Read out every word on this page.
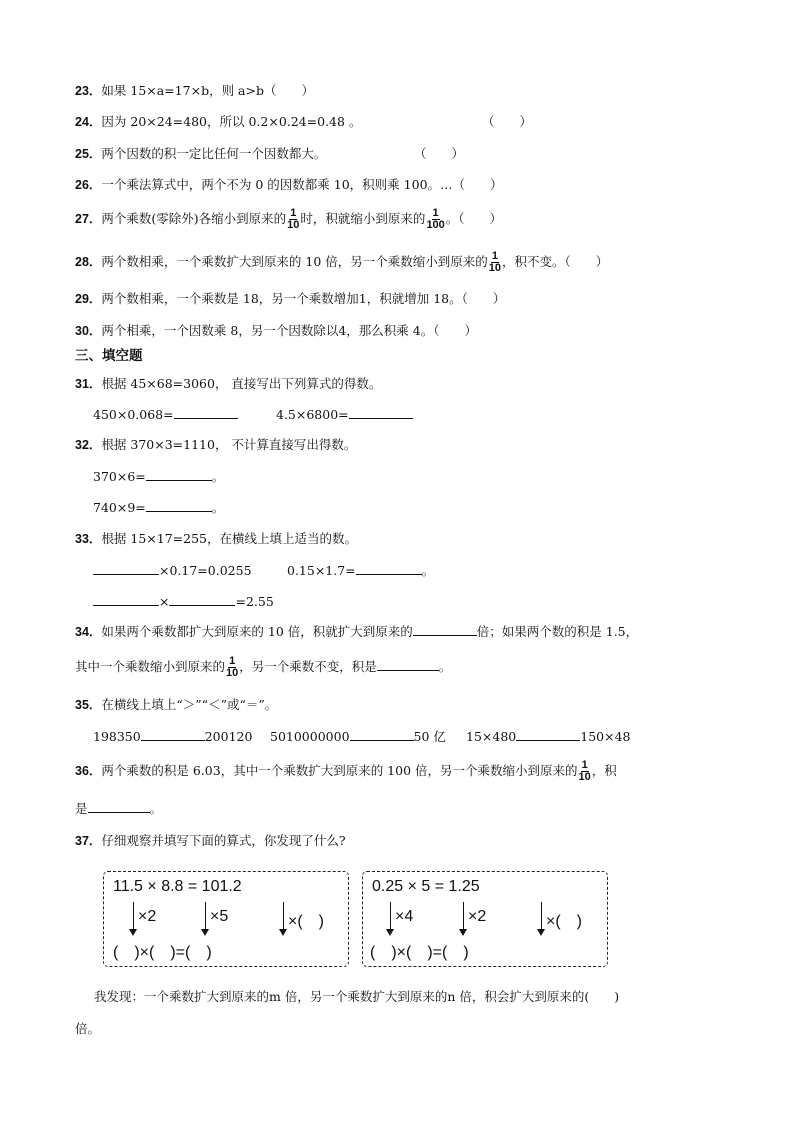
23．如果 15×a=17×b，则 a>b（　　）
24．因为 20×24=480，所以 0.2×0.24=0.48 。	（　　）
25．两个因数的积一定比任何一个因数都大。	（　　）
26．一个乘法算式中，两个不为 0 的因数都乘 10，积则乘 100。…（　　）
27．两个乘数(零除外)各缩小到原来的 $\frac{1}{10}$ 时，积就缩小到原来的 $\frac{1}{100}$ 。（　　）
28．两个数相乘，一个乘数扩大到原来的 10 倍，另一个乘数缩小到原来的 $\frac{1}{10}$ ，积不变。（　　）
29．两个数相乘，一个乘数是 18，另一个乘数增加1，积就增加 18。（　　）
30．两个相乘，一个因数乘 8，另一个因数除以4，那么积乘 4。（　　）
三、填空题
31．根据 45×68=3060， 直接写出下列算式的得数。
450×0.068=	4.5×6800=
32．根据 370×3=1110， 不计算直接写出得数。
370×6=	。
740×9=	。
33．根据 15×17=255，在横线上填上适当的数。
×0.17=0.0255	0.15×1.7=	。
×	=2.55
34．如果两个乘数都扩大到原来的 10 倍，积就扩大到原来的	倍；如果两个数的积是 1.5，
其中一个乘数缩小到原来的 $\frac{1}{10}$ ，另一个乘数不变，积是	。
35．在横线上填上“＞”“＜”或“＝”。
198350	200120 5010000000	50 亿 15×480	150×48
36．两个乘数的积是 6.03，其中一个乘数扩大到原来的 100 倍，另一个乘数缩小到原来的 $\frac{1}{10}$ ，积
是	。
37．仔细观察并填写下面的算式，你发现了什么?
11.5 × 8.8 = 101.2
×2	×5	×(　)
(　)×(　)=(　)
0.25 × 5 = 1.25
×4	×2	×(　)
(　)×(　)=(　)
我发现：一个乘数扩大到原来的m 倍，另一个乘数扩大到原来的n 倍，积会扩大到原来的(　　)
倍。
